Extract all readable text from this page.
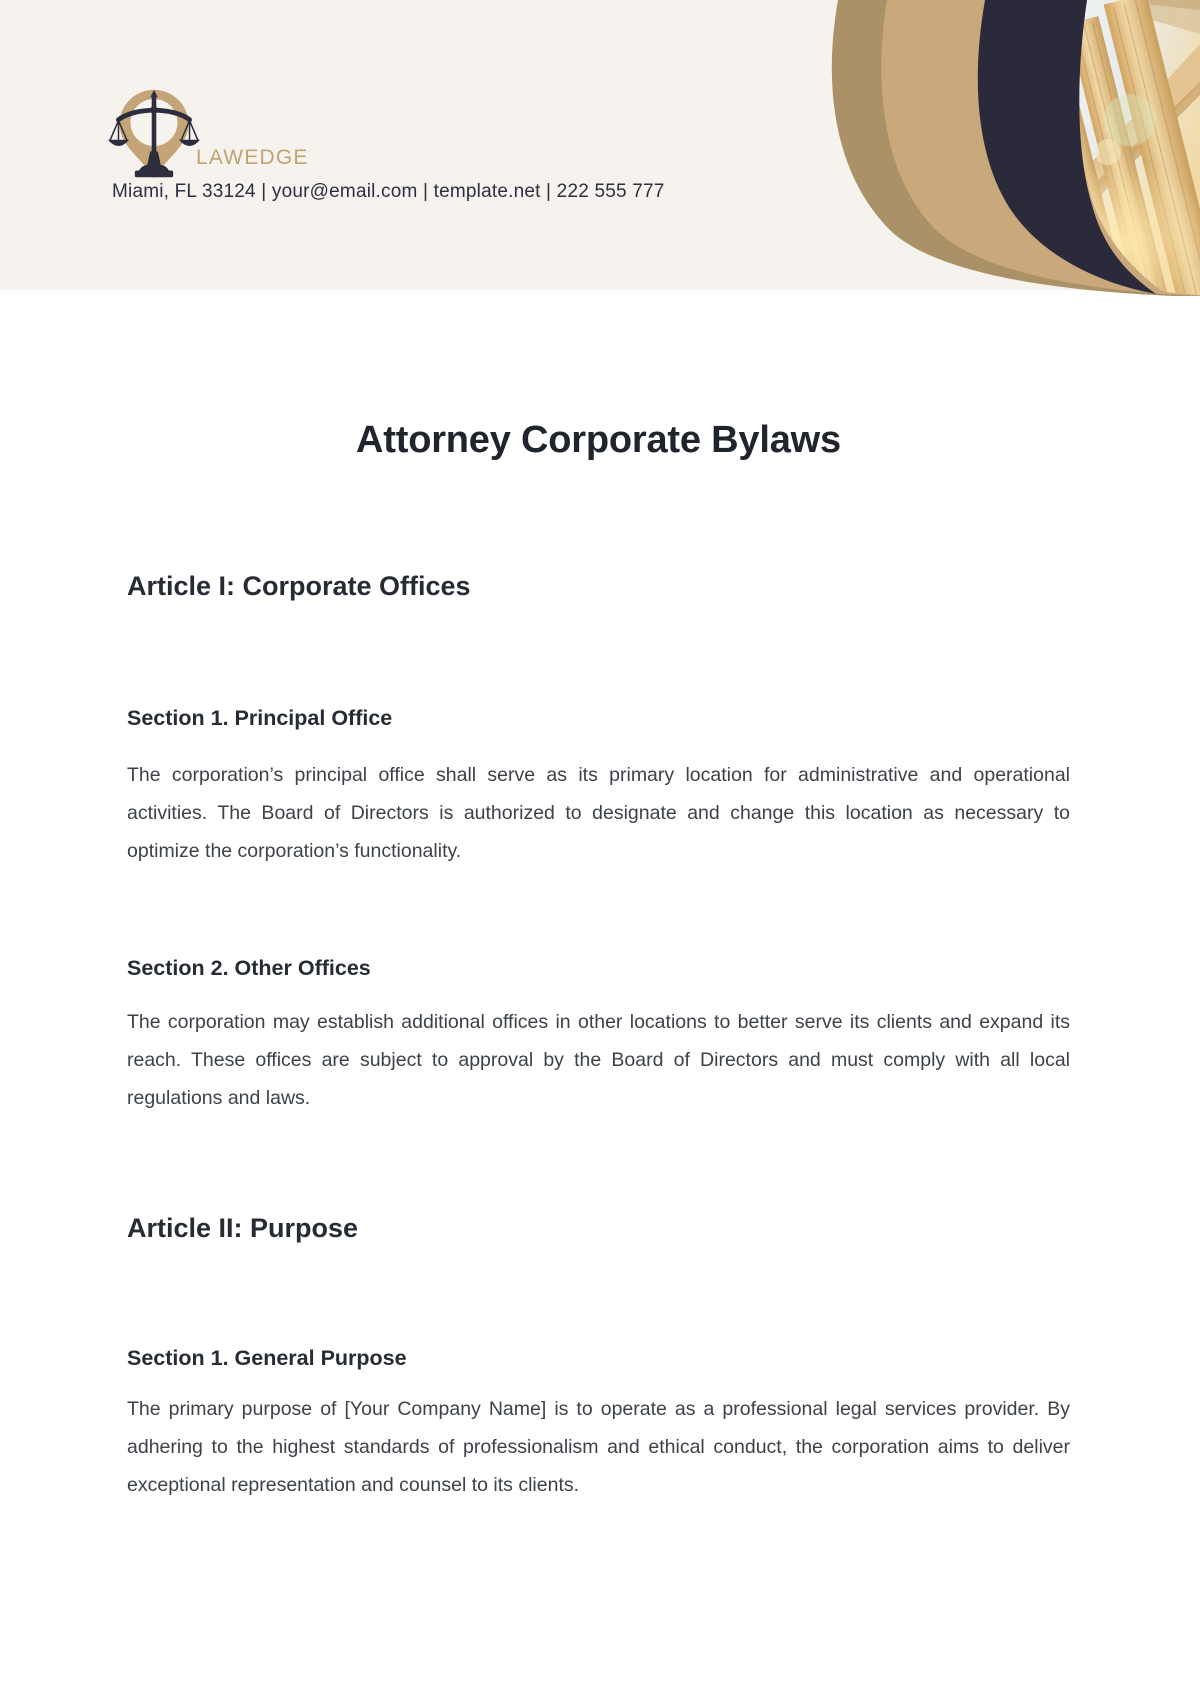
LAWEDGE
Miami, FL 33124 | your@email.com | template.net | 222 555 777
Attorney Corporate Bylaws
Article I: Corporate Offices
Section 1. Principal Office

The corporation’s principal office shall serve as its primary location for administrative and operational activities. The Board of Directors is authorized to designate and change this location as necessary to optimize the corporation’s functionality.

Section 2. Other Offices

The corporation may establish additional offices in other locations to better serve its clients and expand its reach. These offices are subject to approval by the Board of Directors and must comply with all local regulations and laws.

Article II: Purpose
Section 1. General Purpose

The primary purpose of [Your Company Name] is to operate as a professional legal services provider. By adhering to the highest standards of professionalism and ethical conduct, the corporation aims to deliver exceptional representation and counsel to its clients.
